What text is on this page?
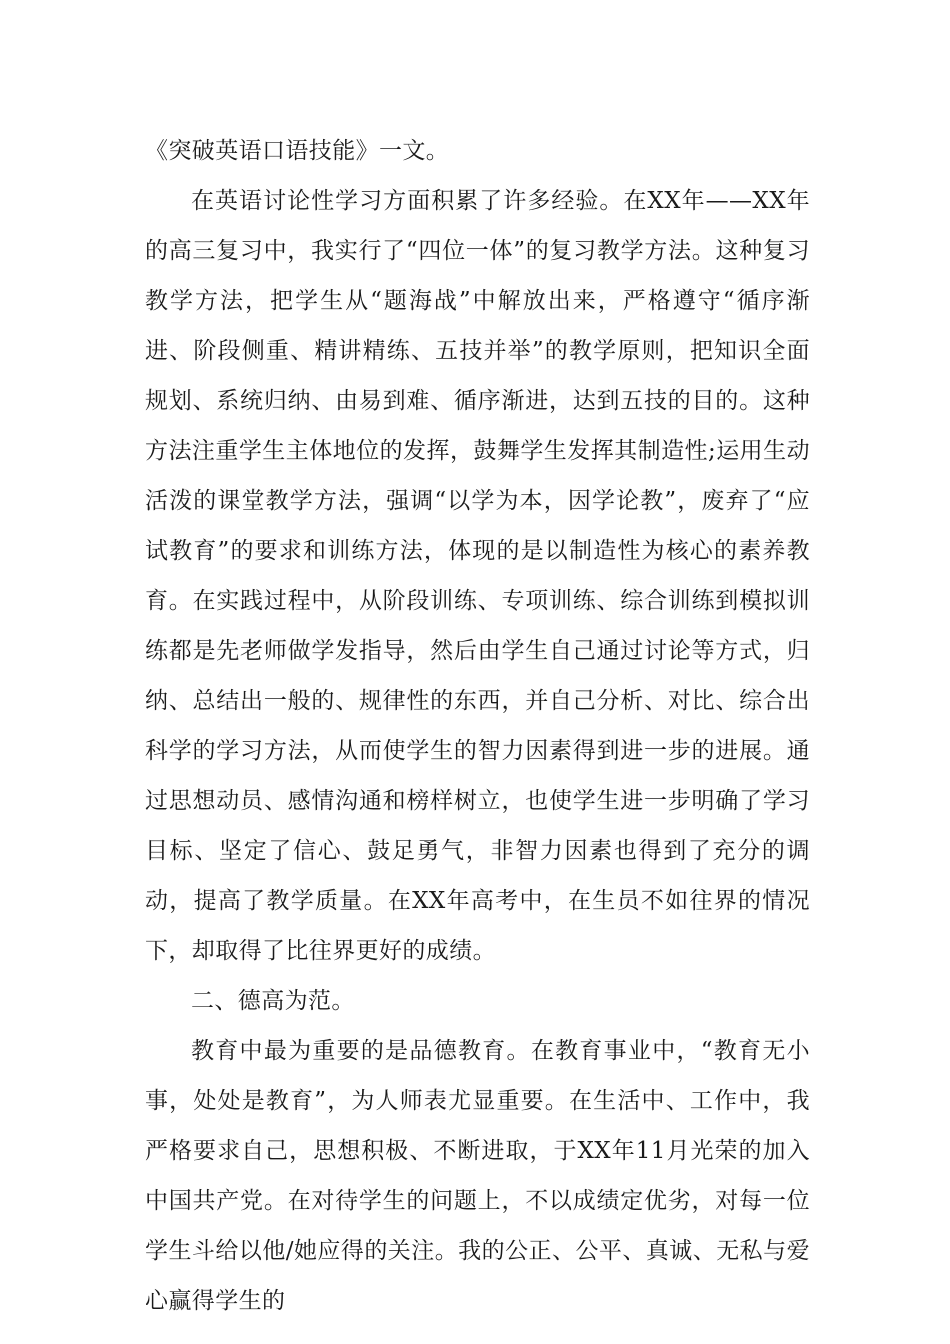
《突破英语口语技能》一文。

在英语讨论性学习方面积累了许多经验。在XX年——XX年的高三复习中，我实行了“四位一体”的复习教学方法。这种复习教学方法，把学生从“题海战”中解放出来，严格遵守“循序渐进、阶段侧重、精讲精练、五技并举”的教学原则，把知识全面规划、系统归纳、由易到难、循序渐进，达到五技的目的。这种方法注重学生主体地位的发挥，鼓舞学生发挥其制造性;运用生动活泼的课堂教学方法，强调“以学为本，因学论教”，废弃了“应试教育”的要求和训练方法，体现的是以制造性为核心的素养教育。在实践过程中，从阶段训练、专项训练、综合训练到模拟训练都是先老师做学发指导，然后由学生自己通过讨论等方式，归纳、总结出一般的、规律性的东西，并自己分析、对比、综合出科学的学习方法，从而使学生的智力因素得到进一步的进展。通过思想动员、感情沟通和榜样树立，也使学生进一步明确了学习目标、坚定了信心、鼓足勇气，非智力因素也得到了充分的调动，提高了教学质量。在XX年高考中，在生员不如往界的情况下，却取得了比往界更好的成绩。

二、德高为范。

教育中最为重要的是品德教育。在教育事业中，“教育无小事，处处是教育”，为人师表尤显重要。在生活中、工作中，我严格要求自己，思想积极、不断进取，于XX年11月光荣的加入中国共产党。在对待学生的问题上，不以成绩定优劣，对每一位学生斗给以他/她应得的关注。我的公正、公平、真诚、无私与爱心赢得学生的
